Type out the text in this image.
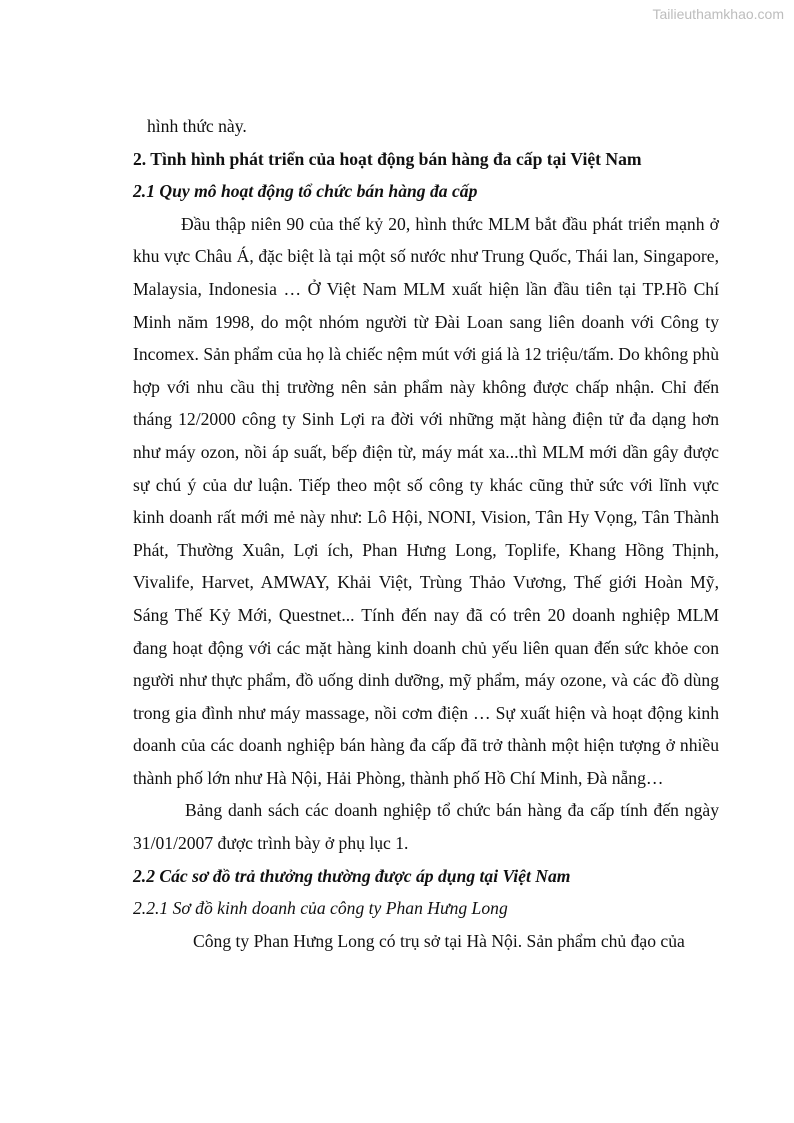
Tailieuthamkhao.com

hình thức này.

2. Tình hình phát triển của hoạt động bán hàng đa cấp tại Việt Nam

2.1 Quy mô hoạt động tổ chức bán hàng đa cấp

Đầu thập niên 90 của thế kỷ 20, hình thức MLM bắt đầu phát triển mạnh ở khu vực Châu Á, đặc biệt là tại một số nước như Trung Quốc, Thái lan, Singapore, Malaysia, Indonesia … Ở Việt Nam MLM xuất hiện lần đầu tiên tại TP.Hồ Chí Minh năm 1998, do một nhóm người từ Đài Loan sang liên doanh với Công ty Incomex. Sản phẩm của họ là chiếc nệm mút với giá là 12 triệu/tấm. Do không phù hợp với nhu cầu thị trường nên sản phẩm này không được chấp nhận. Chỉ đến tháng 12/2000 công ty Sinh Lợi ra đời với những mặt hàng điện tử đa dạng hơn như máy ozon, nồi áp suất, bếp điện từ, máy mát xa...thì MLM mới dần gây được sự chú ý của dư luận. Tiếp theo một số công ty khác cũng thử sức với lĩnh vực kinh doanh rất mới mẻ này như: Lô Hội, NONI, Vision, Tân Hy Vọng, Tân Thành Phát, Thường Xuân, Lợi ích, Phan Hưng Long, Toplife, Khang Hồng Thịnh, Vivalife, Harvet, AMWAY, Khải Việt, Trùng Thảo Vương, Thế giới Hoàn Mỹ, Sáng Thế Kỷ Mới, Questnet... Tính đến nay đã có trên 20 doanh nghiệp MLM đang hoạt động với các mặt hàng kinh doanh chủ yếu liên quan đến sức khỏe con người như thực phẩm, đồ uống dinh dưỡng, mỹ phẩm, máy ozone, và các đồ dùng trong gia đình như máy massage, nồi cơm điện … Sự xuất hiện và hoạt động kinh doanh của các doanh nghiệp bán hàng đa cấp đã trở thành một hiện tượng ở nhiều thành phố lớn như Hà Nội, Hải Phòng, thành phố Hồ Chí Minh, Đà nẵng…

Bảng danh sách các doanh nghiệp tổ chức bán hàng đa cấp tính đến ngày 31/01/2007 được trình bày ở phụ lục 1.

2.2 Các sơ đồ trả thưởng thường được áp dụng tại Việt Nam

2.2.1 Sơ đồ kinh doanh của công ty Phan Hưng Long

Công ty Phan Hưng Long có trụ sở tại Hà Nội. Sản phẩm chủ đạo của
